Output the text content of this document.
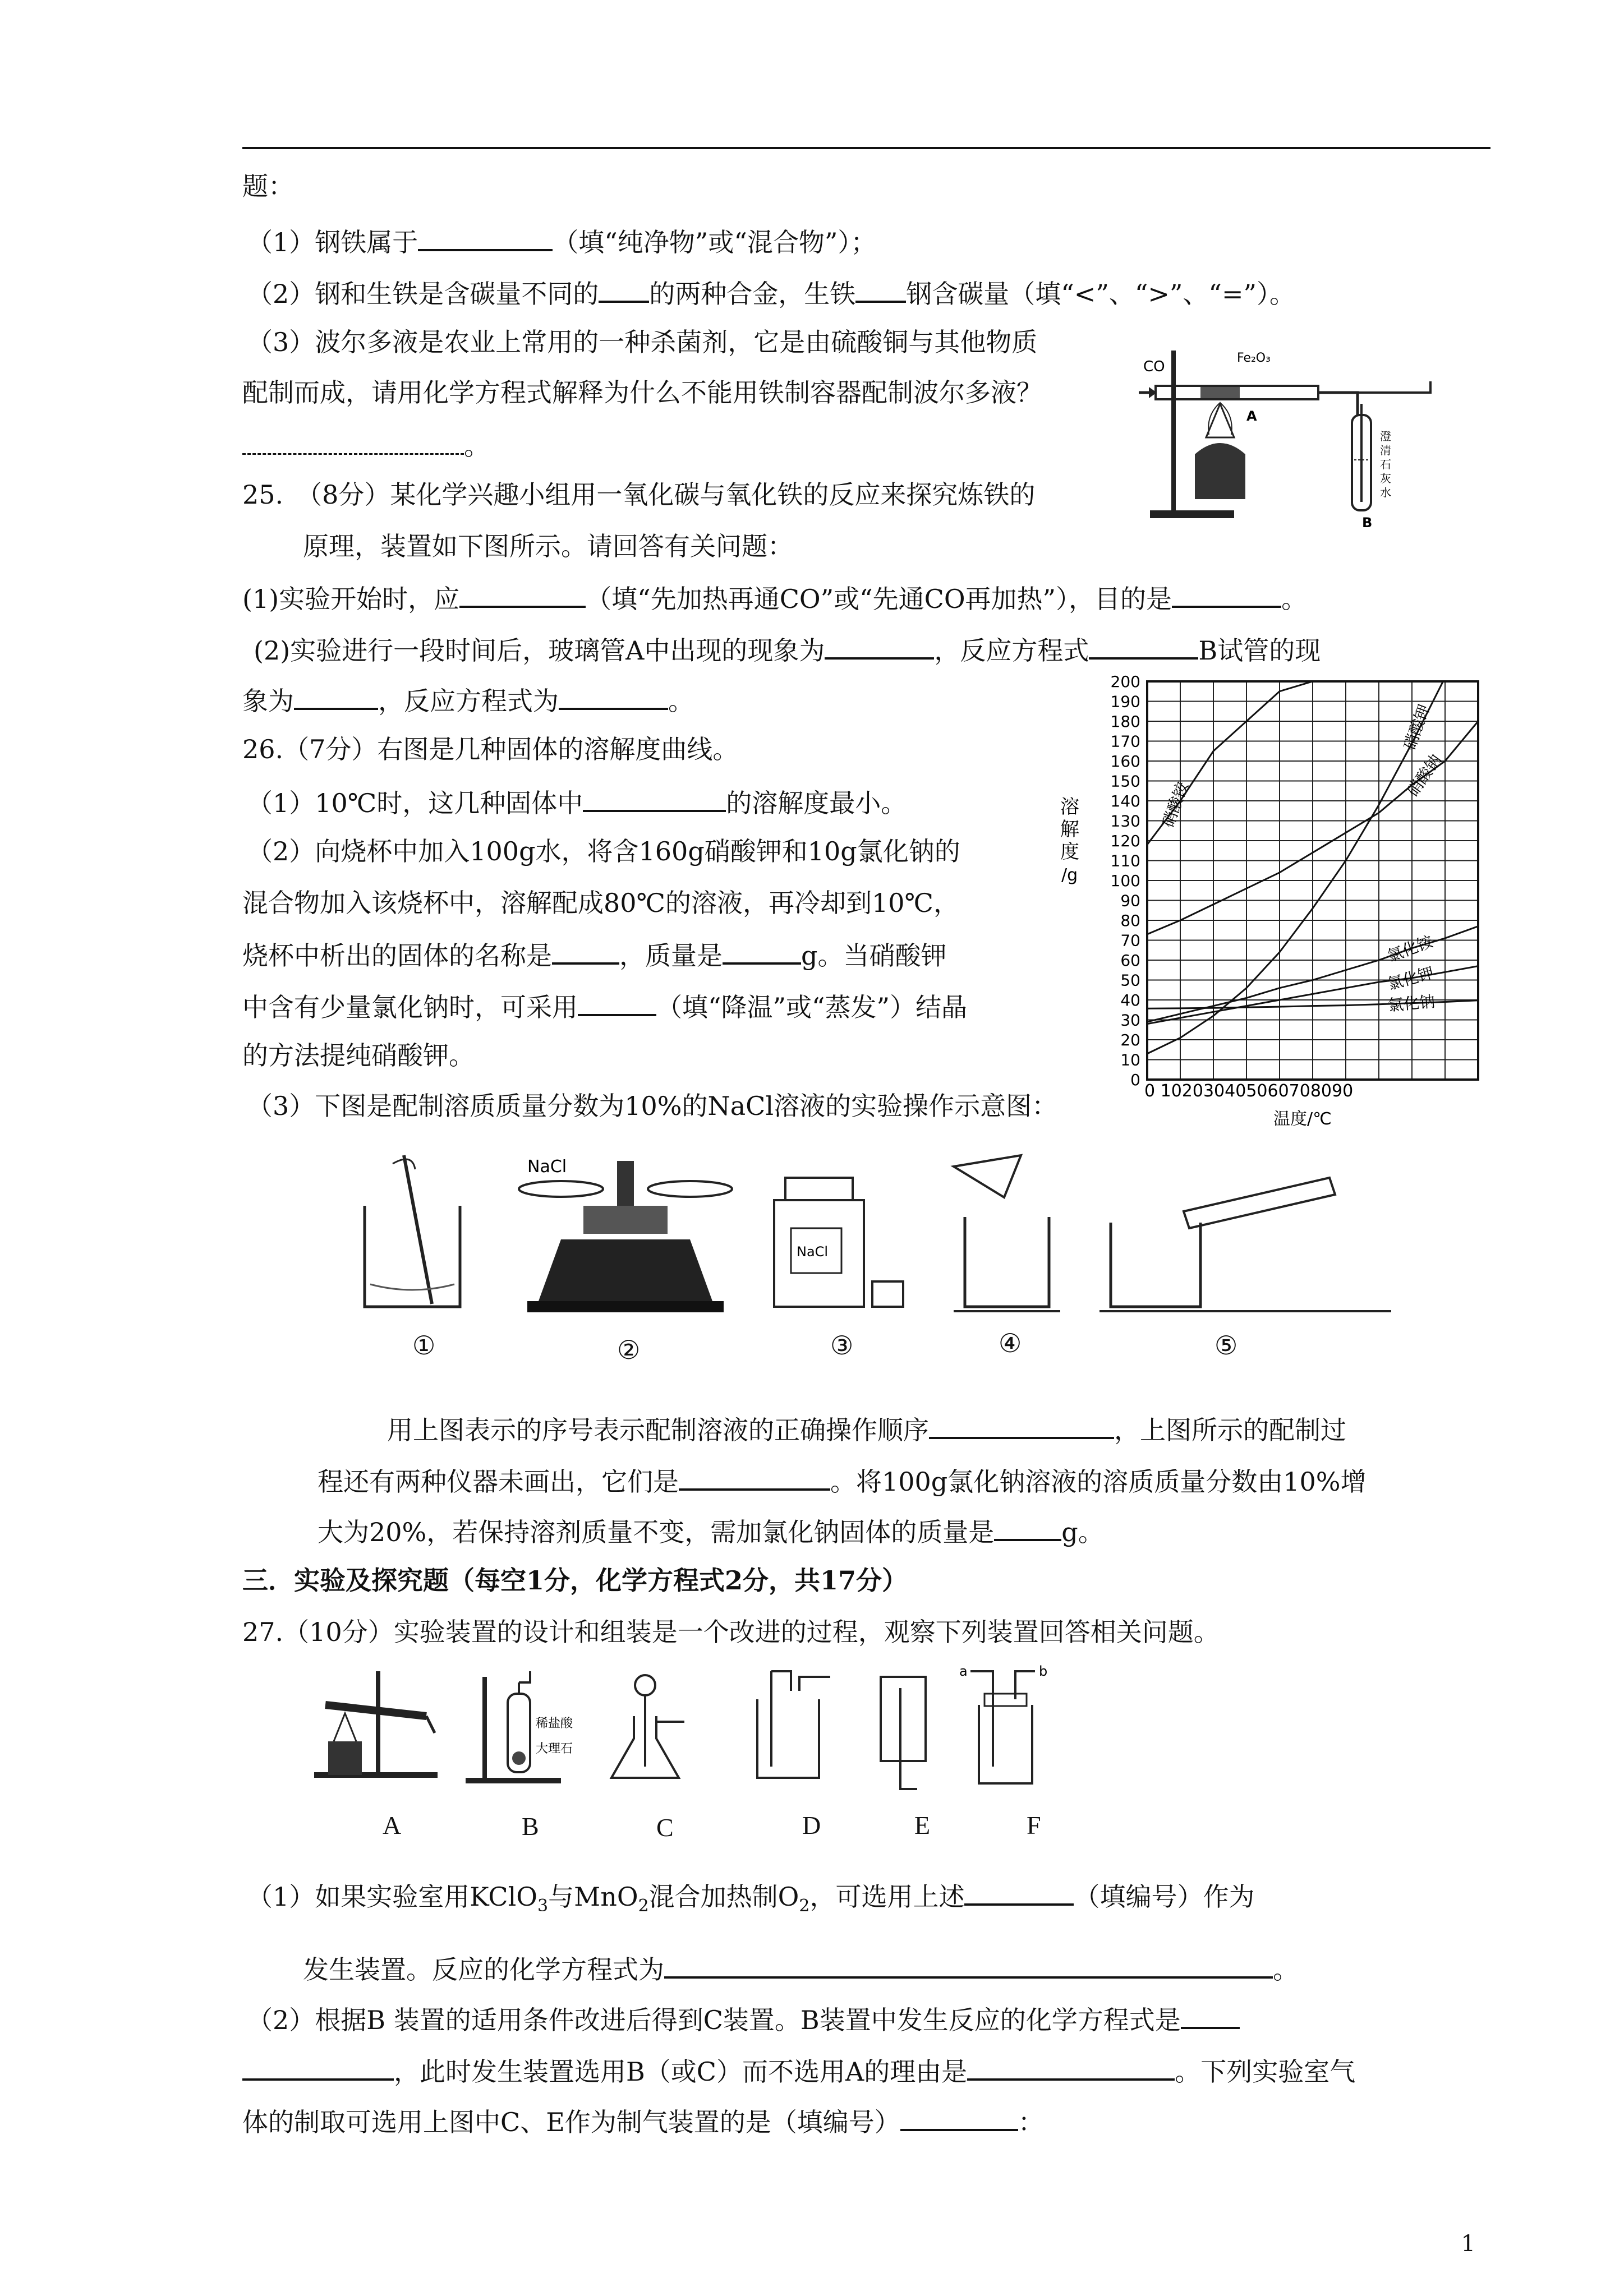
题：
（1）钢铁属于	（填“纯净物”或“混合物”）；
（2）钢和生铁是含碳量不同的 的两种合金，生铁 钢含碳量（填“<”、“>”、“=”）。
（3）波尔多液是农业上常用的一种杀菌剂，它是由硫酸铜与其他物质
配制而成，请用化学方程式解释为什么不能用铁制容器配制波尔多液？
。
CO
Fe₂O₃
A
B
澄
清
石
灰
水
25.　（8分）某化学兴趣小组用一氧化碳与氧化铁的反应来探究炼铁的
原理，装置如下图所示。请回答有关问题：
(1)实验开始时，应	（填“先加热再通CO”或“先通CO再加热”），目的是	。
(2)实验进行一段时间后，玻璃管A中出现的现象为	，反应方程式	B试管的现
象为	，反应方程式为	。
26.（7分）右图是几种固体的溶解度曲线。
（1）10℃时，这几种固体中	的溶解度最小。
（2）向烧杯中加入100g水，将含160g硝酸钾和10g氯化钠的
混合物加入该烧杯中，溶解配成80℃的溶液，再冷却到10℃，
烧杯中析出的固体的名称是	，质量是	g。当硝酸钾
中含有少量氯化钠时，可采用	（填“降温”或“蒸发”）结晶
的方法提纯硝酸钾。
溶
解
度
/g
0
10
20
30
40
50
60
70
80
90
100
110
120
130
140
150
160
170
180
190
200
0 10203040506070​8090
温度/℃
硝酸铵
硝酸钾
硝酸钠
氯化铵
氯化钾
氯化钠
（3）下图是配制溶质质量分数为10%的NaCl溶液的实验操作示意图：
NaCl
NaCl
①	②	③	④	⑤
用上图表示的序号表示配制溶液的正确操作顺序	，上图所示的配制过
程还有两种仪器未画出，它们是	。将100g氯化钠溶液的溶质质量分数由10%增
大为20%，若保持溶剂质量不变，需加氯化钠固体的质量是	g。
三．实验及探究题（每空1分，化学方程式2分，共17分）
27.（10分）实验装置的设计和组装是一个改进的过程，观察下列装置回答相关问题。
稀盐酸
大理石
a	b
A	B	C	D	E	F
（1）如果实验室用KClO$_3$与MnO$_2$混合加热制$O_2$，可选用上述	（填编号）作为
发生装置。反应的化学方程式为	。
（2）根据B 装置的适用条件改进后得到C装置。B装置中发生反应的化学方程式是
，此时发生装置选用B（或C）而不选用A的理由是	。下列实验室气
体的制取可选用上图中C、E作为制气装置的是（填编号）	：
1
